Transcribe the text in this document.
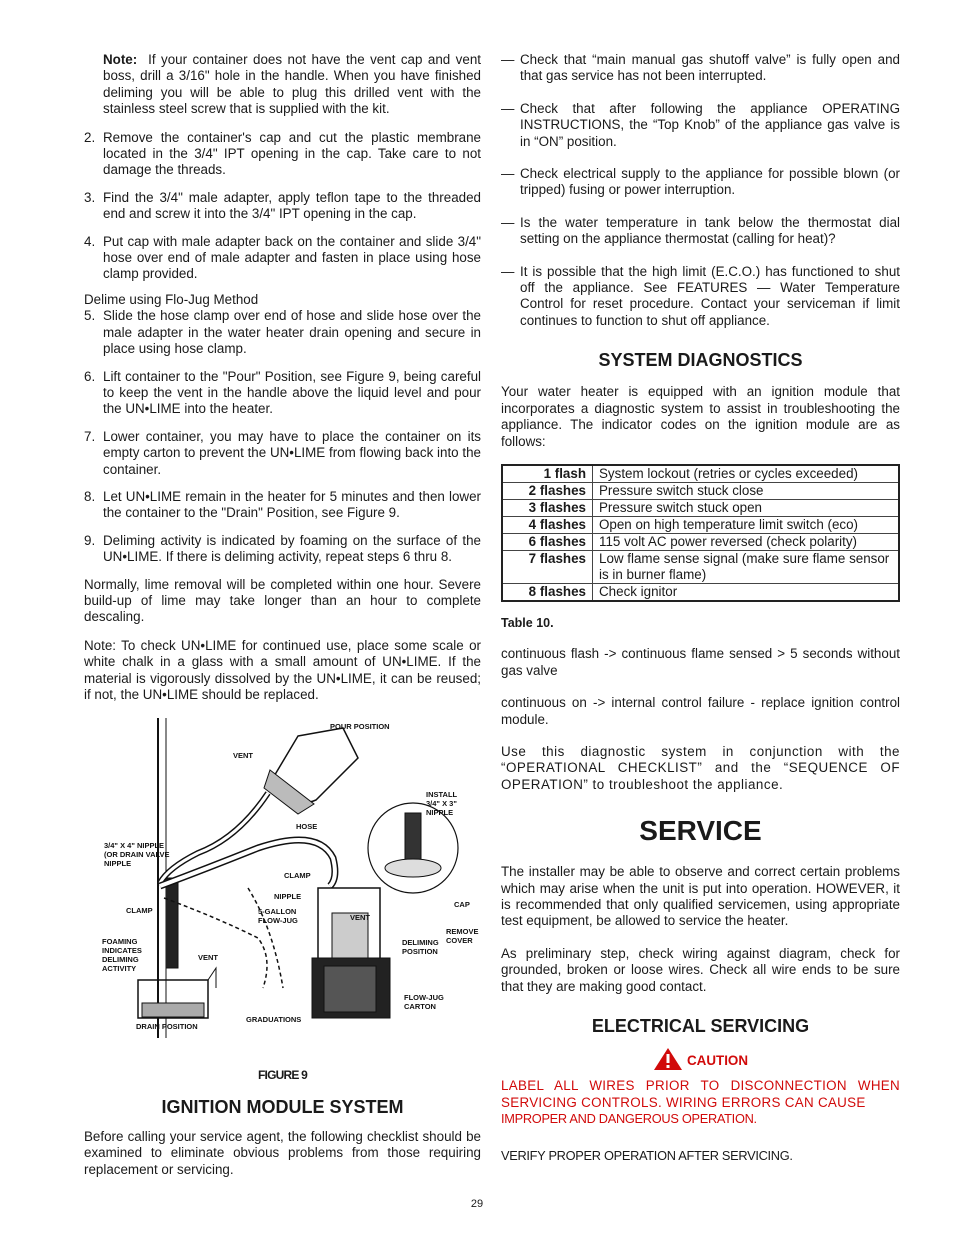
Note: If your container does not have the vent cap and vent boss, drill a 3/16" hole in the handle. When you have finished deliming you will be able to plug this drilled vent with the stainless steel screw that is supplied with the kit.

2. Remove the container's cap and cut the plastic membrane located in the 3/4" IPT opening in the cap. Take care to not damage the threads.
3. Find the 3/4" male adapter, apply teflon tape to the threaded end and screw it into the 3/4" IPT opening in the cap.
4. Put cap with male adapter back on the container and slide 3/4" hose over end of male adapter and fasten in place using hose clamp provided.

Delime using Flo-Jug Method

5. Slide the hose clamp over end of hose and slide hose over the male adapter in the water heater drain opening and secure in place using hose clamp.
6. Lift container to the "Pour" Position, see Figure 9, being careful to keep the vent in the handle above the liquid level and pour the UN•LIME into the heater.
7. Lower container, you may have to place the container on its empty carton to prevent the UN•LIME from flowing back into the container.
8. Let UN•LIME remain in the heater for 5 minutes and then lower the container to the "Drain" Position, see Figure 9.
9. Deliming activity is indicated by foaming on the surface of the UN•LIME. If there is deliming activity, repeat steps 6 thru 8.

Normally, lime removal will be completed within one hour. Severe build-up of lime may take longer than an hour to complete descaling.

Note: To check UN•LIME for continued use, place some scale or white chalk in a glass with a small amount of UN•LIME. If the material is vigorously dissolved by the UN•LIME, it can be reused; if not, the UN•LIME should be replaced.

POUR POSITION
VENT
INSTALL
3/4" X 3"
NIPPLE
HOSE
3/4" X 4" NIPPLE
(OR DRAIN VALVE
NIPPLE
CLAMP
NIPPLE
CAP
CLAMP	5-GALLON
FLOW-JUG	VENT
REMOVE
COVER
FOAMING
INDICATES
DELIMING
ACTIVITY
VENT
DELIMING
POSITION
FLOW-JUG
CARTON
DRAIN POSITION
GRADUATIONS
FIGURE 9
IGNITION MODULE SYSTEM

Before calling your service agent, the following checklist should be examined to eliminate obvious problems from those requiring replacement or servicing.

— Check that “main manual gas shutoff valve” is fully open and that gas service has not been interrupted.
— Check that after following the appliance OPERATING INSTRUCTIONS, the “Top Knob” of the appliance gas valve is in “ON” position.
— Check electrical supply to the appliance for possible blown (or tripped) fusing or power interruption.
— Is the water temperature in tank below the thermostat dial setting on the appliance thermostat (calling for heat)?
— It is possible that the high limit (E.C.O.) has functioned to shut off the appliance. See FEATURES — Water Temperature Control for reset procedure. Contact your serviceman if limit continues to function to shut off appliance.
SYSTEM DIAGNOSTICS

Your water heater is equipped with an ignition module that incorporates a diagnostic system to assist in troubleshooting the appliance. The indicator codes on the ignition module are as follows:

1 flash	System lockout (retries or cycles exceeded)
2 flashes	Pressure switch stuck close
3 flashes	Pressure switch stuck open
4 flashes	Open on high temperature limit switch (eco)
6 flashes	115 volt AC power reversed (check polarity)
7 flashes	Low flame sense signal (make sure flame sensor is in burner flame)
8 flashes	Check ignitor

Table 10.

continuous flash -> continuous flame sensed > 5 seconds without gas valve

continuous on -> internal control failure - replace ignition control module.

Use this diagnostic system in conjunction with the “OPERATIONAL CHECKLIST” and the “SEQUENCE OF OPERATION” to troubleshoot the appliance.

SERVICE

The installer may be able to observe and correct certain problems which may arise when the unit is put into operation. HOWEVER, it is recommended that only qualified servicemen, using appropriate test equipment, be allowed to service the heater.

As preliminary step, check wiring against diagram, check for grounded, broken or loose wires. Check all wire ends to be sure that they are making good contact.

ELECTRICAL SERVICING
CAUTION

LABEL ALL WIRES PRIOR TO DISCONNECTION WHEN SERVICING CONTROLS. WIRING ERRORS CAN CAUSE

IMPROPER AND DANGEROUS OPERATION.

VERIFY PROPER OPERATION AFTER SERVICING.

29
